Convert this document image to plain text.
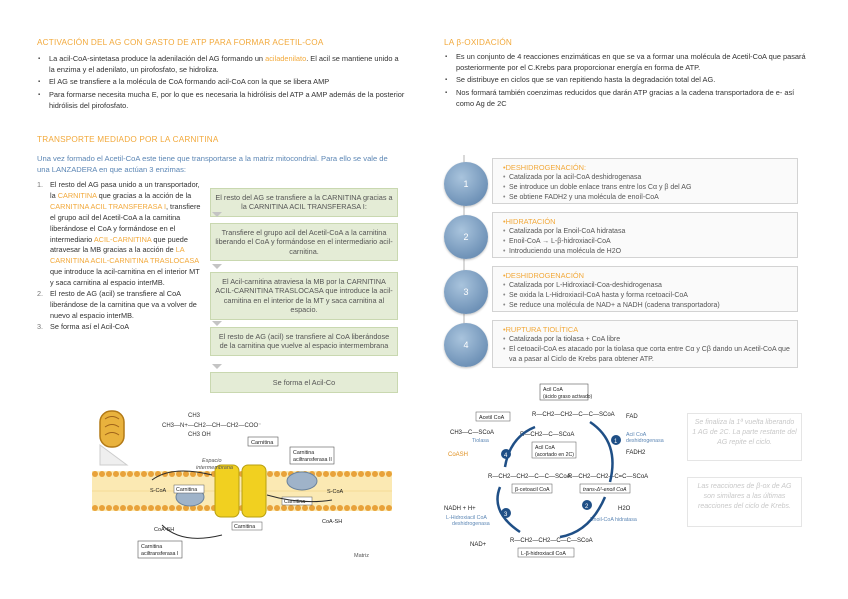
ACTIVACIÓN DEL AG CON GASTO DE ATP PARA FORMAR ACETIL-COA
▪ La acil-CoA-sintetasa produce la adenilación del AG formando un aciladenilato. El acil se mantiene unido a la enzima y el adenilato, un pirofosfato, se hidroliza.
▪ El AG se transfiere a la molécula de CoA formando acil-CoA con la que se libera AMP
▪ Para formarse necesita mucha E, por lo que es necesaria la hidrólisis del ATP a AMP además de la posterior hidrólisis del pirofosfato.
TRANSPORTE MEDIADO POR LA CARNITINA
Una vez formado el Acetil-CoA este tiene que transportarse a la matriz mitocondrial. Para ello se vale de una LANZADERA en que actúan 3 enzimas:
1. El resto del AG pasa unido a un transportador, la CARNITINA que gracias a la acción de la CARNITINA ACIL TRANSFERASA I, transfiere el grupo acil del Acetil-CoA a la carnitina liberándose el CoA y formándose en el intermediario ACIL-CARNITINA que puede atravesar la MB gracias a la acción de LA CARNITINA ACIL-CARNITINA TRASLOCASA que introduce la acil-carnitina en el interior MT y saca carnitina al espacio interMB.
2. El resto de AG (acil) se transfiere al CoA liberándose de la carnitina que va a volver de nuevo al espacio interMB.
3. Se forma así el Acil-CoA
El resto del AG se transfiere a la CARNITINA gracias a la CARNITINA ACIL TRANSFERASA I:
Transfiere el grupo acil del Acetil-CoA a la carnitina liberando el CoA y formándose en el intermediario acil-carnitina.
El Acil-carnitina atraviesa la MB por la CARNITINA ACIL-CARNITINA TRASLOCASA que introduce la acil-carnitina en el interior de la MT y saca carnitina al espacio.
El resto de AG (acil) se transfiere al CoA liberándose de la carnitina que vuelve al espacio intermembrana
Se forma el Acil-Co
CH3
CH3—N+—CH2—CH—CH2—COO⁻
CH3 OH
Carnitina
Carnitina
aciltransferasa II
Espacio
intermembrana
Carnitina
Carnitina
Carnitina
S-CoA	S-CoA
CoA-SH
CoA-SH
Carnitina
aciltransferasa I	Matriz
LA β-OXIDACIÓN
▪ Es un conjunto de 4 reacciones enzimáticas en que se va a formar una molécula de Acetil-CoA que pasará posteriormente por el C.Krebs para proporcionar energía en forma de ATP.
▪ Se distribuye en ciclos que se van repitiendo hasta la degradación total del AG.
▪ Nos formará también coenzimas reducidos que darán ATP gracias a la cadena transportadora de e- así como Ag de 2C
•DESHIDROGENACIÓN:
• Catalizada por la acil-CoA deshidrogenasa
• Se introduce un doble enlace trans entre los Cα y β del AG
• Se obtiene FADH2 y una molécula de enoíl-CoA
1
•HIDRATACIÓN
• Catalizada por la Enoil-CoA hidratasa
• Enoil-CoA → L-β-hidroxiacil-CoA
• Introduciendo una molécula de H2O
2
•DESHIDROGENACIÓN
• Catalizada por L-Hidroxiacil-Coa-deshidrogenasa
• Se oxida la L-Hidroxiacil-CoA hasta y forma rcetoacil-CoA
• Se reduce una molécula de NAD+ a NADH (cadena transportadora)
3
•RUPTURA TIOLÍTICA
• Catalizada por la tiolasa + CoA libre
• El cetoacil-CoA es atacado por la tiolasa que corta entre Cα y Cβ dando un Acetil-CoA que va a pasar al Ciclo de Krebs para obtener ATP.
4
Acil CoA
(ácido graso activado)
R—CH2—CH2—C—C—SCoA FAD
FADH2
Acil CoA
deshidrogenasa
Acetil CoA
CH3—C—SCoA
Tiolasa
CoASH
R—CH2—C—SCoA
Acil CoA
(acortado en 2C)
R—CH2—CH2—C=C—SCoA
trans-Δ²-enoil CoA
R—CH2—CH2—C—C—SCoA
β-cetoacil CoA
H2O
Enoil-CoA hidratasa
NADH + H+
L-Hidroxiacil CoA
deshidrogenasa
NAD+
R—CH2—CH2—C—C—SCoA
L-β-hidroxiacil CoA
1
2
3
4
Se finaliza la 1ª vuelta liberando 1 AG de 2C. La parte restante del AG repite el ciclo.
Las reacciones de β-ox de AG son similares a las últimas reacciones del ciclo de Krebs.
